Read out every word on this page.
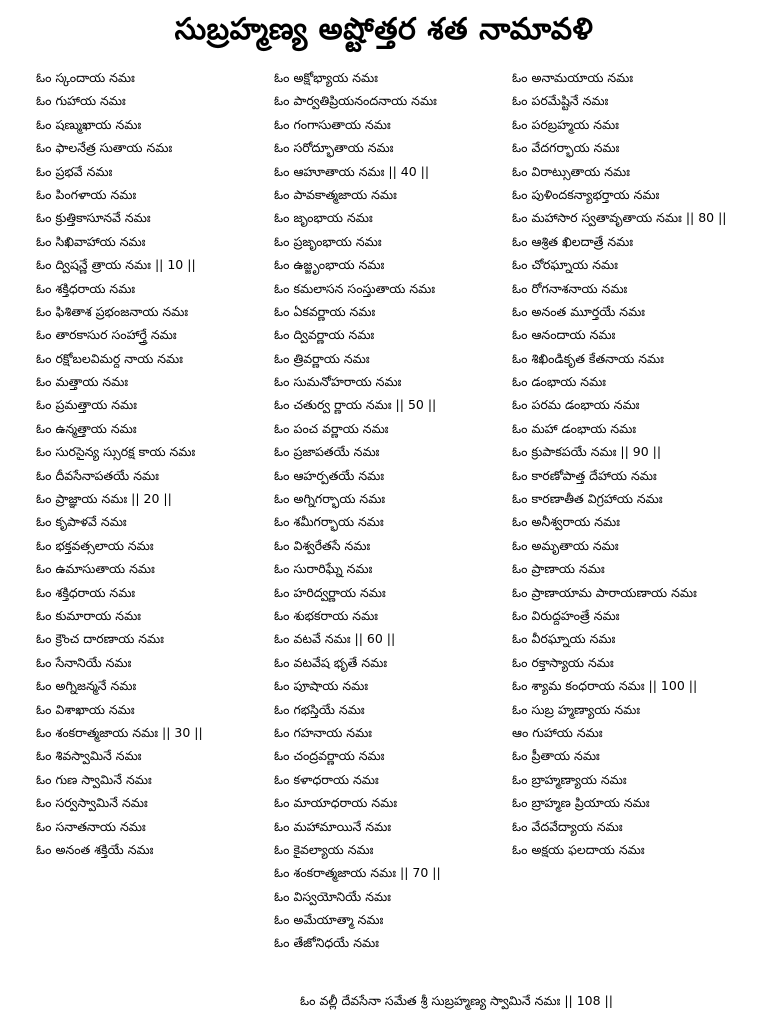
సుబ్రహ్మణ్య అష్టోత్తర శత నామావళి
ఓం స్కందాయ నమః
ఓం గుహాయ నమః
ఓం షణ్ముఖాయ నమః
ఓం ఫాలనేత్ర సుతాయ నమః
ఓం ప్రభవే నమః
ఓం పింగళాయ నమః
ఓం క్రుత్తికాసూనవే నమః
ఓం సిఖివాహాయ నమః
ఓం ద్విషన్ణే త్రాయ నమః || 10 ||
ఓం శక్తిధరాయ నమః
ఓం ఫిశితాశ ప్రభంజనాయ నమః
ఓం తారకాసుర సంహార్త్రే నమః
ఓం రక్షోబలవిమర్ద నాయ నమః
ఓం మత్తాయ నమః
ఓం ప్రమత్తాయ నమః
ఓం ఉన్మత్తాయ నమః
ఓం సురసైన్య స్సురక్ష కాయ నమః
ఓం దీవసేనాపతయే నమః
ఓం ప్రాజ్ఞాయ నమః || 20 ||
ఓం కృపాళవే నమః
ఓం భక్తవత్సలాయ నమః
ఓం ఉమాసుతాయ నమః
ఓం శక్తిధరాయ నమః
ఓం కుమారాయ నమః
ఓం క్రౌంచ దారణాయ నమః
ఓం సేనానియే నమః
ఓం అగ్నిజన్మనే నమః
ఓం విశాఖాయ నమః
ఓం శంకరాత్మజాయ నమః || 30 ||
ఓం శివస్వామినే నమః
ఓం గుణ స్వామినే నమః
ఓం సర్వస్వామినే నమః
ఓం సనాతనాయ నమః
ఓం అనంత శక్తియే నమః
ఓం అక్షోభ్యాయ నమః
ఓం పార్వతిప్రియనందనాయ నమః
ఓం గంగాసుతాయ నమః
ఓం సరోద్భూతాయ నమః
ఓం ఆహూతాయ నమః || 40 ||
ఓం పావకాత్మజాయ నమః
ఓం జృంభాయ నమః
ఓం ప్రజృంభాయ నమః
ఓం ఉజ్జృంభాయ నమః
ఓం కమలాసన సంస్తుతాయ నమః
ఓం ఏకవర్ణాయ నమః
ఓం ద్వివర్ణాయ నమః
ఓం త్రివర్ణాయ నమః
ఓం సుమనోహరాయ నమః
ఓం చతుర్వ ర్ణాయ నమః || 50 ||
ఓం పంచ వర్ణాయ నమః
ఓం ప్రజాపతయే నమః
ఓం ఆహర్పతయే నమః
ఓం అగ్నిగర్భాయ నమః
ఓం శమీగర్భాయ నమః
ఓం విశ్వరేతసే నమః
ఓం సురారిఘ్నే నమః
ఓం హరిద్వర్ణాయ నమః
ఓం శుభకరాయ నమః
ఓం వటవే నమః || 60 ||
ఓం వటవేష భృతే నమః
ఓం పూషాయ నమః
ఓం గభస్తియే నమః
ఓం గహనాయ నమః
ఓం చంద్రవర్ణాయ నమః
ఓం కళాధరాయ నమః
ఓం మాయాధరాయ నమః
ఓం మహామాయినే నమః
ఓం కైవల్యాయ నమః
ఓం శంకరాత్మజాయ నమః || 70 ||
ఓం విస్వయోనియే నమః
ఓం అమేయాత్మా నమః
ఓం తేజోనిధయే నమః
ఓం అనామయాయ నమః
ఓం పరమేష్టినే నమః
ఓం పరబ్రహ్మయ నమః
ఓం వేదగర్భాయ నమః
ఓం విరాట్సుతాయ నమః
ఓం పుళిందకన్యాభర్తాయ నమః
ఓం మహాసార స్వతావృతాయ నమః || 80 ||
ఓం ఆశ్రిత ఖిలదాత్రే నమః
ఓం చోరఘ్నాయ నమః
ఓం రోగనాశనాయ నమః
ఓం అనంత మూర్తయే నమః
ఓం ఆనందాయ నమః
ఓం శిఖిండికృత కేతనాయ నమః
ఓం డంభాయ నమః
ఓం పరమ డంభాయ నమః
ఓం మహా డంభాయ నమః
ఓం క్రుపాకపయే నమః || 90 ||
ఓం కారణోపాత్త దేహాయ నమః
ఓం కారణాతీత విగ్రహాయ నమః
ఓం అనీశ్వరాయ నమః
ఓం అమృతాయ నమః
ఓం ప్రాణాయ నమః
ఓం ప్రాణాయామ పారాయణాయ నమః
ఓం విరుద్దహంత్రే నమః
ఓం వీరఘ్నాయ నమః
ఓం రక్తాస్యాయ నమః
ఓం శ్యామ కంధరాయ నమః || 100 ||
ఓం సుబ్ర హ్మణ్యాయ నమః
ఆం గుహాయ నమః
ఓం ప్రీతాయ నమః
ఓం బ్రాహ్మణ్యాయ నమః
ఓం బ్రాహ్మణ ప్రియాయ నమః
ఓం వేదవేద్యాయ నమః
ఓం అక్షయ ఫలదాయ నమః
ఓం వల్లీ దేవసేనా సమేత శ్రీ సుబ్రహ్మణ్య స్వామినే నమః || 108 ||
